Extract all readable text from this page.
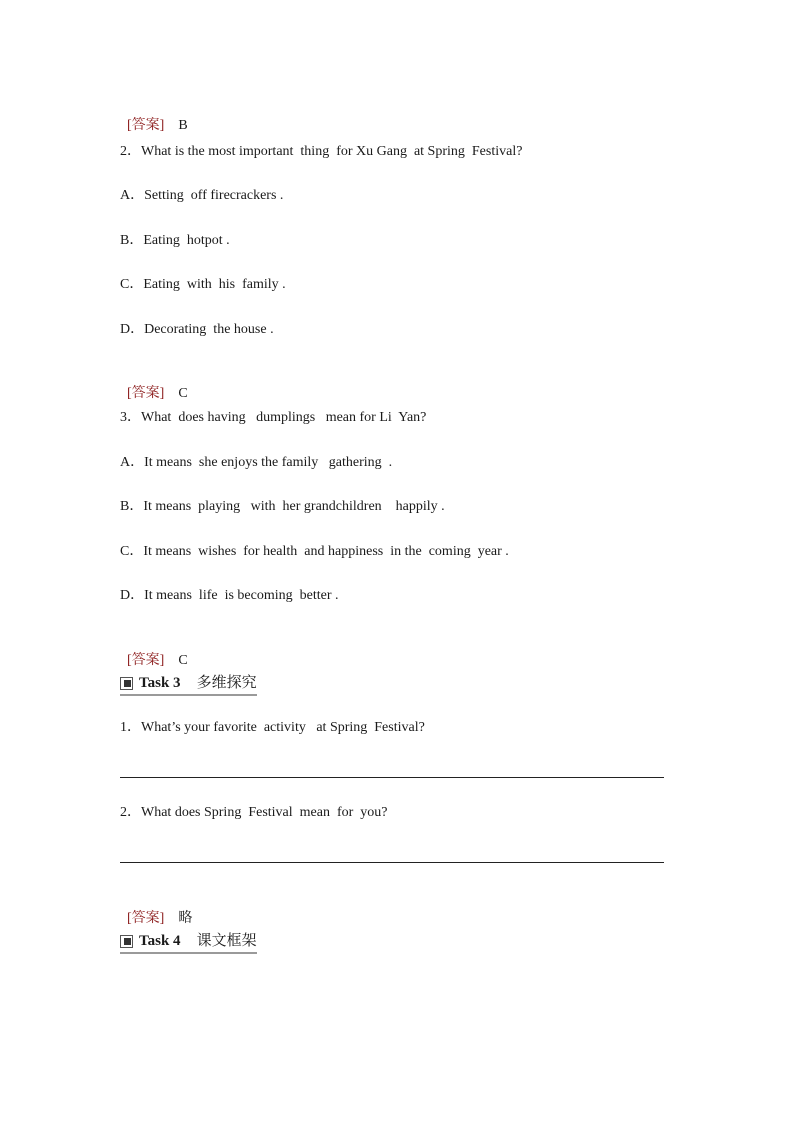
[答案] B

2．What is the most important  thing  for Xu Gang  at Spring  Festival?
A．Setting  off firecrackers .
B．Eating  hotpot .
C．Eating  with  his  family .
D．Decorating  the house .

[答案] C

3．What  does having   dumplings   mean for Li  Yan?
A．It means  she enjoys the family   gathering  .
B．It means  playing   with  her grandchildren    happily .
C．It means  wishes  for health  and happiness  in the  coming  year .
D．It means  life  is becoming  better .

[答案] C

Task 3 多维探究
1．What’s your favorite  activity   at Spring  Festival?
2．What does Spring  Festival  mean  for  you?

[答案] 略

Task 4 课文框架
